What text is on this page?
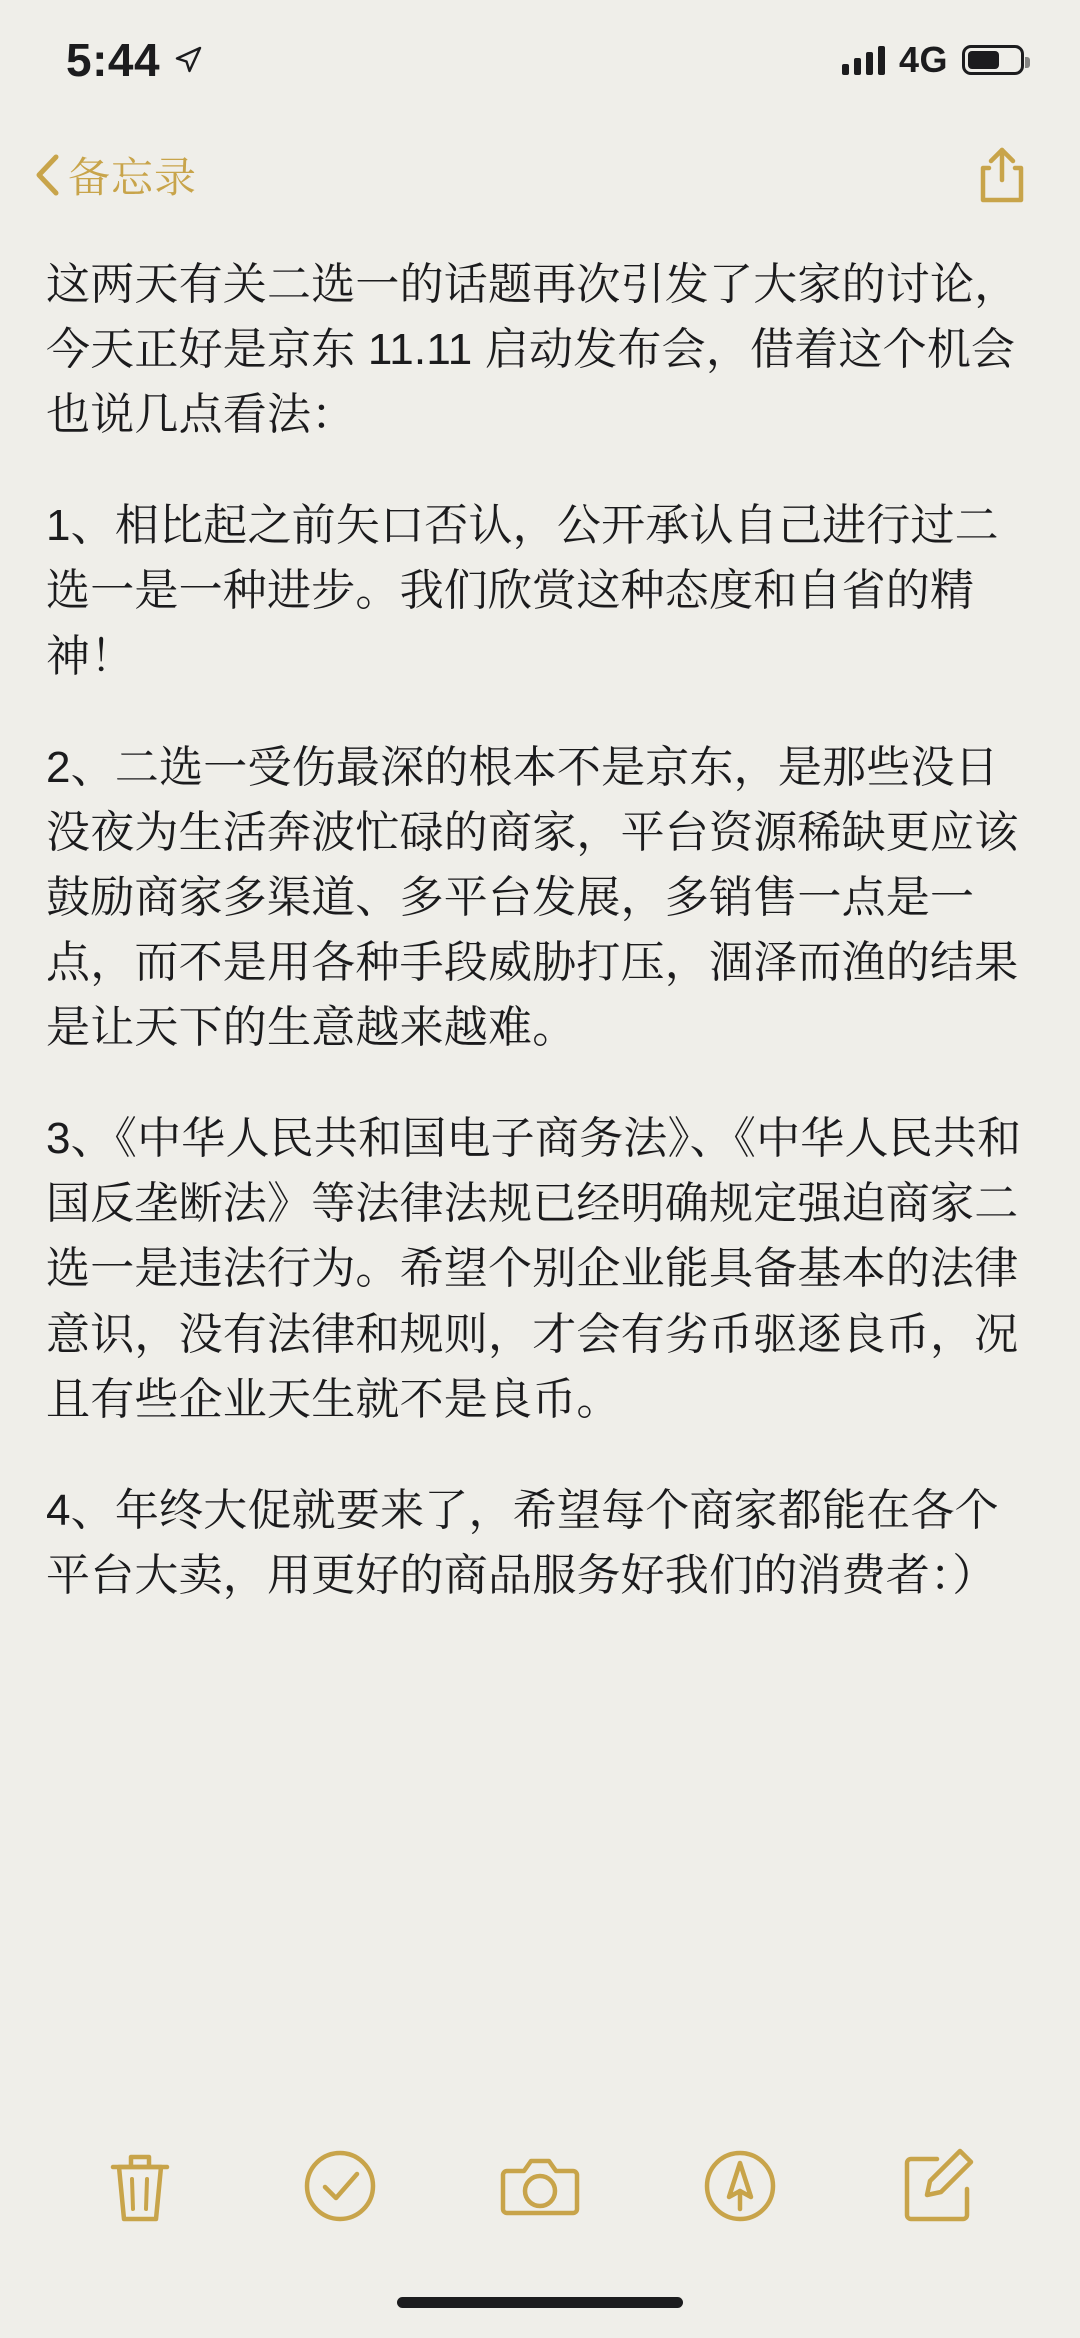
5:44	4G
备忘录

这两天有关二选一的话题再次引发了大家的讨论，今天正好是京东 11.11 启动发布会，借着这个机会也说几点看法：

1、相比起之前矢口否认，公开承认自己进行过二选一是一种进步。我们欣赏这种态度和自省的精神！

2、二选一受伤最深的根本不是京东，是那些没日没夜为生活奔波忙碌的商家，平台资源稀缺更应该鼓励商家多渠道、多平台发展，多销售一点是一点，而不是用各种手段威胁打压，涸泽而渔的结果是让天下的生意越来越难。

3、《中华人民共和国电子商务法》、《中华人民共和国反垄断法》等法律法规已经明确规定强迫商家二选一是违法行为。希望个别企业能具备基本的法律意识，没有法律和规则，才会有劣币驱逐良币，况且有些企业天生就不是良币。

4、年终大促就要来了，希望每个商家都能在各个平台大卖，用更好的商品服务好我们的消费者：）
